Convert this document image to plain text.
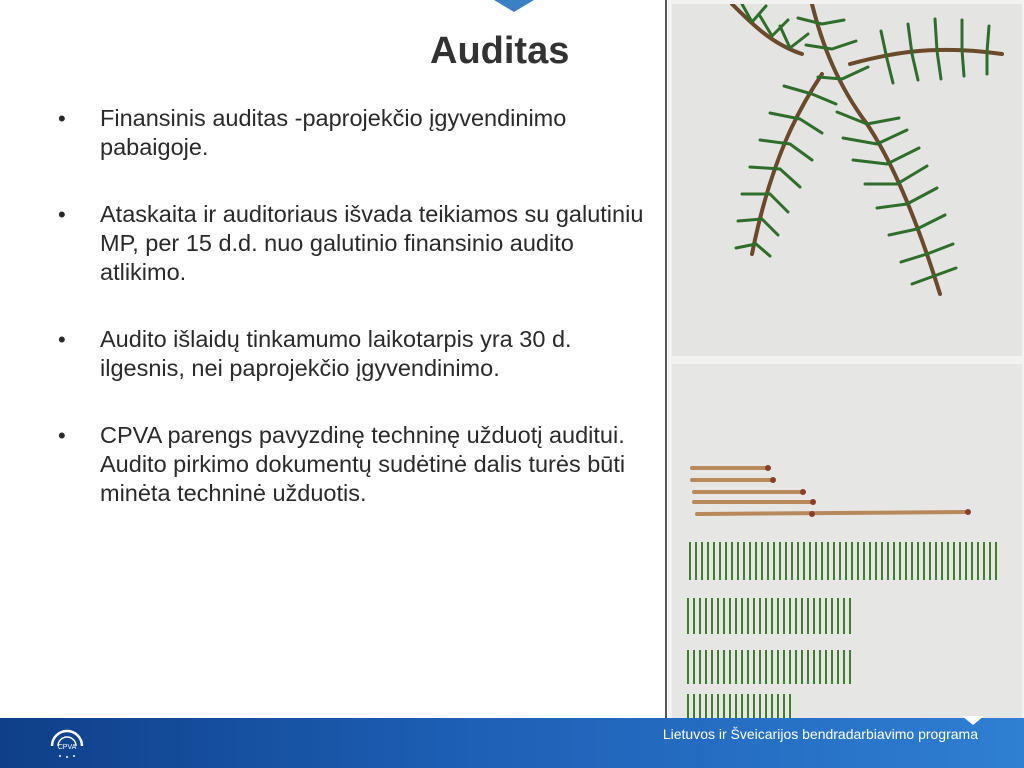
Auditas
• Finansinis auditas -paprojekčio įgyvendinimo pabaigoje.
• Ataskaita ir auditoriaus išvada teikiamos su galutiniu MP, per 15 d.d. nuo galutinio finansinio audito atlikimo.
• Audito išlaidų tinkamumo laikotarpis yra 30 d. ilgesnis, nei paprojekčio įgyvendinimo.
• CPVA parengs pavyzdinę techninę užduotį auditui. Audito pirkimo dokumentų sudėtinė dalis turės būti minėta techninė užduotis.
CPVA
Lietuvos ir Šveicarijos bendradarbiavimo programa
